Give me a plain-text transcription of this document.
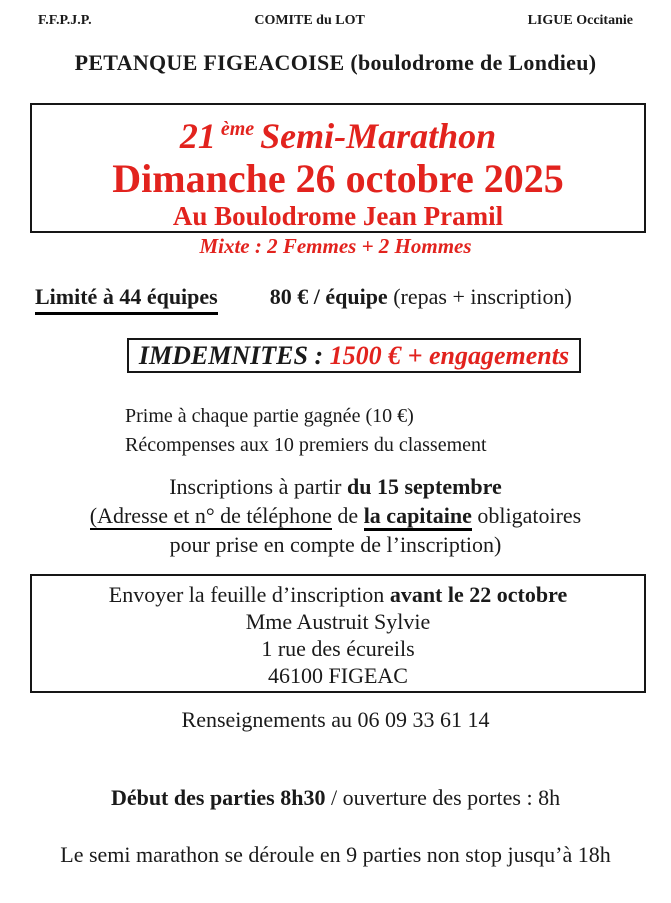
F.F.P.J.P.	COMITE du LOT	LIGUE Occitanie
PETANQUE FIGEACOISE (boulodrome de Londieu)
21 $^{ème}$ Semi-Marathon
Dimanche 26 octobre 2025
Au Boulodrome Jean Pramil
Mixte : 2 Femmes + 2 Hommes
Limité à 44 équipes 80 € / équipe (repas + inscription)
IMDEMNITES : 1500 € + engagements
Prime à chaque partie gagnée (10 €)
Récompenses aux 10 premiers du classement
Inscriptions à partir du 15 septembre
(Adresse et n° de téléphone de la capitaine obligatoires
pour prise en compte de l’inscription)
Envoyer la feuille d’inscription avant le 22 octobre
Mme Austruit Sylvie
1 rue des écureils
46100 FIGEAC
Renseignements au 06 09 33 61 14
Début des parties 8h30 / ouverture des portes : 8h
Le semi marathon se déroule en 9 parties non stop jusqu’à 18h
